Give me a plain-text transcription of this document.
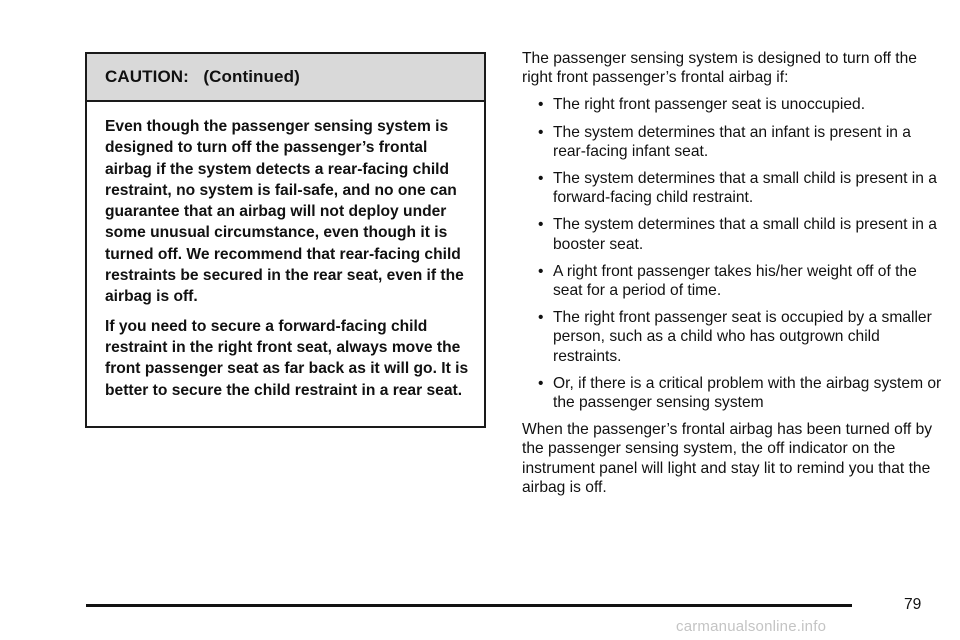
CAUTION:   (Continued)

Even though the passenger sensing system is designed to turn off the passenger’s frontal airbag if the system detects a rear-facing child restraint, no system is fail-safe, and no one can guarantee that an airbag will not deploy under some unusual circumstance, even though it is turned off. We recommend that rear-facing child restraints be secured in the rear seat, even if the airbag is off.

If you need to secure a forward-facing child restraint in the right front seat, always move the front passenger seat as far back as it will go. It is better to secure the child restraint in a rear seat.

The passenger sensing system is designed to turn off the right front passenger’s frontal airbag if:

• The right front passenger seat is unoccupied.
• The system determines that an infant is present in a rear-facing infant seat.
• The system determines that a small child is present in a forward-facing child restraint.
• The system determines that a small child is present in a booster seat.
• A right front passenger takes his/her weight off of the seat for a period of time.
• The right front passenger seat is occupied by a smaller person, such as a child who has outgrown child restraints.
• Or, if there is a critical problem with the airbag system or the passenger sensing system

When the passenger’s frontal airbag has been turned off by the passenger sensing system, the off indicator on the instrument panel will light and stay lit to remind you that the airbag is off.

79
carmanualsonline.info
